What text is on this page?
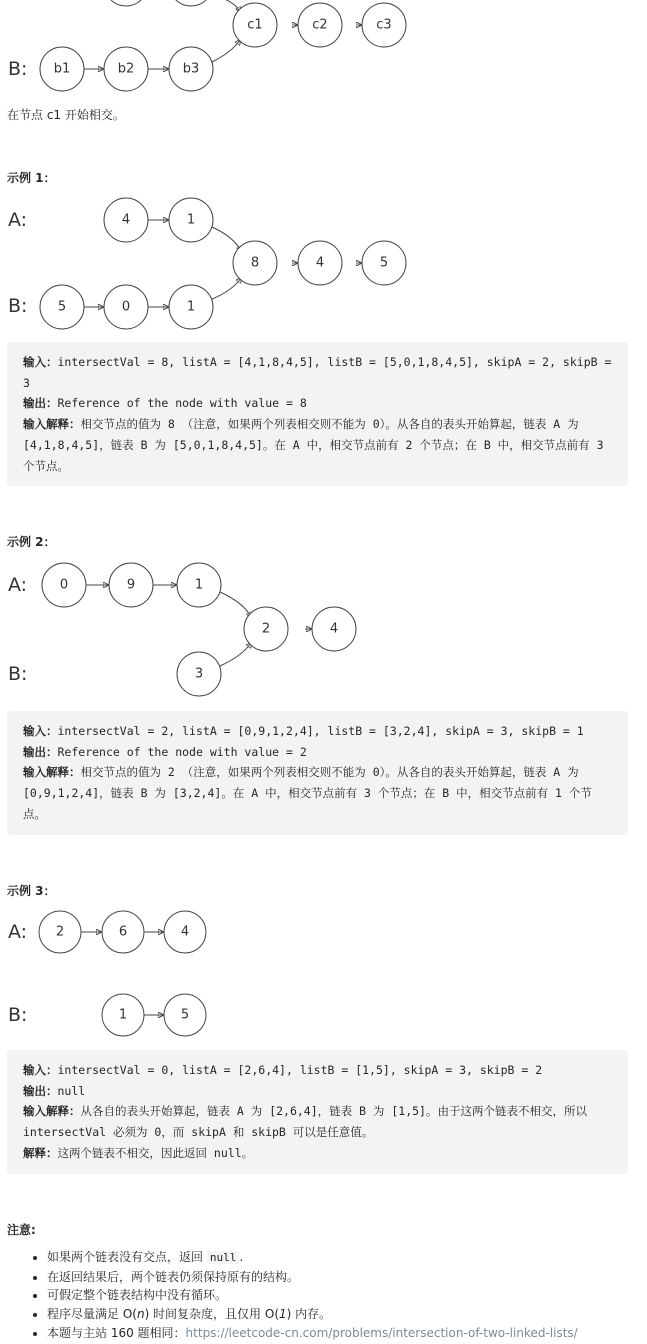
B: b1	b2	b3
c1	c2	c3
在节点 c1 开始相交。
示例 1：
A:
B:
4	1
5	0	1
8	4	5
输入：intersectVal = 8, listA = [4,1,8,4,5], listB = [5,0,1,8,4,5], skipA = 2, skipB = 3
输出：Reference of the node with value = 8
输入解释：相交节点的值为 8 （注意，如果两个列表相交则不能为 0）。从各自的表头开始算起，链表 A 为 [4,1,8,4,5]，链表 B 为 [5,0,1,8,4,5]。在 A 中，相交节点前有 2 个节点；在 B 中，相交节点前有 3 个节点。
示例 2：
A:
B:
0	9	1
3
2	4
输入：intersectVal = 2, listA = [0,9,1,2,4], listB = [3,2,4], skipA = 3, skipB = 1
输出：Reference of the node with value = 2
输入解释：相交节点的值为 2 （注意，如果两个列表相交则不能为 0）。从各自的表头开始算起，链表 A 为 [0,9,1,2,4]，链表 B 为 [3,2,4]。在 A 中，相交节点前有 3 个节点；在 B 中，相交节点前有 1 个节点。
示例 3：
A:
B:
2	6	4
1	5
输入：intersectVal = 0, listA = [2,6,4], listB = [1,5], skipA = 3, skipB = 2
输出：null
输入解释：从各自的表头开始算起，链表 A 为 [2,6,4]，链表 B 为 [1,5]。由于这两个链表不相交，所以 intersectVal 必须为 0，而 skipA 和 skipB 可以是任意值。
解释：这两个链表不相交，因此返回 null。
注意:
• 如果两个链表没有交点，返回 null .
• 在返回结果后，两个链表仍须保持原有的结构。
• 可假定整个链表结构中没有循环。
• 程序尽量满足 O(n) 时间复杂度，且仅用 O(1) 内存。
• 本题与主站 160 题相同：https://leetcode-cn.com/problems/intersection-of-two-linked-lists/
